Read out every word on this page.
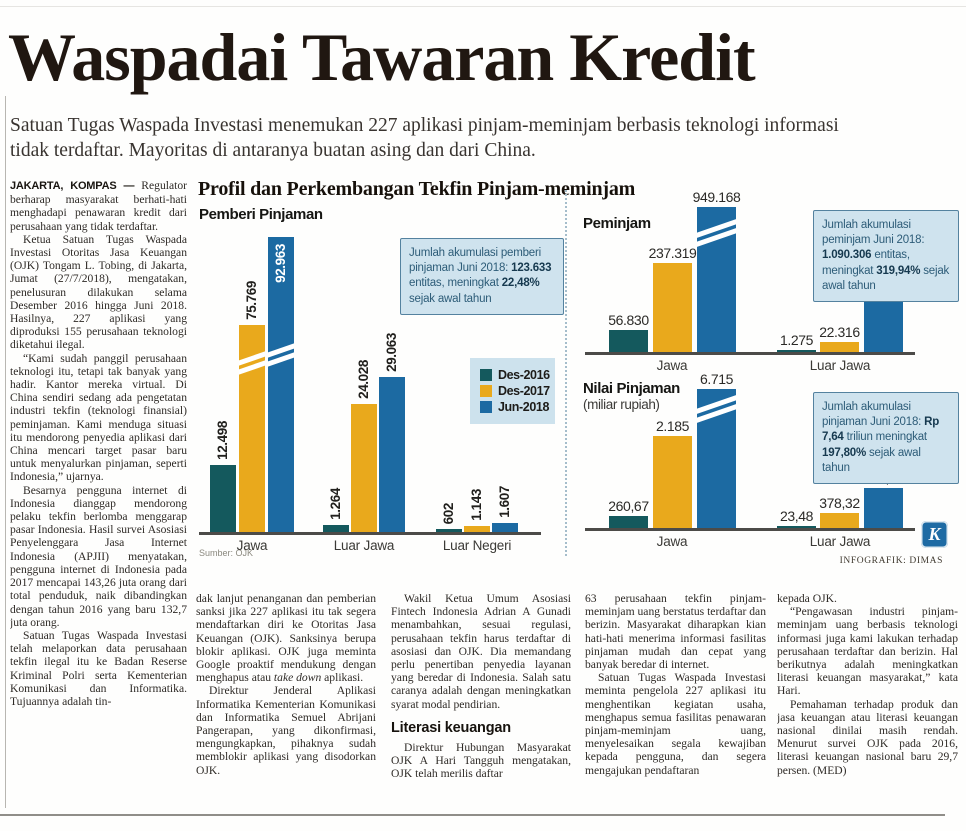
Waspadai Tawaran Kredit

Satuan Tugas Waspada Investasi menemukan 227 aplikasi pinjam-meminjam berbasis teknologi informasi tidak terdaftar. Mayoritas di antaranya buatan asing dan dari China.

JAKARTA, KOMPAS — Regulator berharap masyarakat berhati-hati menghadapi penawaran kredit dari perusahaan yang tidak terdaftar.

Ketua Satuan Tugas Waspada Investasi Otoritas Jasa Keuangan (OJK) Tongam L. Tobing, di Jakarta, Jumat (27/7/2018), mengatakan, penelusuran dilakukan selama Desember 2016 hingga Juni 2018. Hasilnya, 227 aplikasi yang diproduksi 155 perusahaan teknologi diketahui ilegal.

“Kami sudah panggil perusahaan teknologi itu, tetapi tak banyak yang hadir. Kantor mereka virtual. Di China sendiri sedang ada pengetatan industri tekfin (teknologi finansial) peminjaman. Kami menduga situasi itu mendorong penyedia aplikasi dari China mencari target pasar baru untuk menyalurkan pinjaman, seperti Indonesia,” ujarnya.

Besarnya pengguna internet di Indonesia dianggap mendorong pelaku tekfin berlomba menggarap pasar Indonesia. Hasil survei Asosiasi Penyelenggara Jasa Internet Indonesia (APJII) menyatakan, pengguna internet di Indonesia pada 2017 mencapai 143,26 juta orang dari total penduduk, naik dibandingkan dengan tahun 2016 yang baru 132,7 juta orang.

Satuan Tugas Waspada Investasi telah melaporkan data perusahaan tekfin ilegal itu ke Badan Reserse Kriminal Polri serta Kementerian Komunikasi dan Informatika. Tujuannya adalah tin-

dak lanjut penanganan dan pemberian sanksi jika 227 aplikasi itu tak segera mendaftarkan diri ke Otoritas Jasa Keuangan (OJK). Sanksinya berupa blokir aplikasi. OJK juga meminta Google proaktif mendukung dengan menghapus atau take down aplikasi.

Direktur Jenderal Aplikasi Informatika Kementerian Komunikasi dan Informatika Semuel Abrijani Pangerapan, yang dikonfirmasi, mengungkapkan, pihaknya sudah memblokir aplikasi yang disodorkan OJK.

Wakil Ketua Umum Asosiasi Fintech Indonesia Adrian A Gunadi menambahkan, sesuai regulasi, perusahaan tekfin harus terdaftar di asosiasi dan OJK. Dia memandang perlu penertiban penyedia layanan yang beredar di Indonesia. Salah satu caranya adalah dengan meningkatkan syarat modal pendirian.

Literasi keuangan

Direktur Hubungan Masyarakat OJK A Hari Tangguh mengatakan, OJK telah merilis daftar

63 perusahaan tekfin pinjam-meminjam uang berstatus terdaftar dan berizin. Masyarakat diharapkan kian hati-hati menerima informasi fasilitas pinjaman mudah dan cepat yang banyak beredar di internet.

Satuan Tugas Waspada Investasi meminta pengelola 227 aplikasi itu menghentikan kegiatan usaha, menghapus semua fasilitas penawaran pinjam-meminjam uang, menyelesaikan segala kewajiban kepada pengguna, dan segera mengajukan pendaftaran

kepada OJK.

“Pengawasan industri pinjam-meminjam uang berbasis teknologi informasi juga kami lakukan terhadap perusahaan terdaftar dan berizin. Hal berikutnya adalah meningkatkan literasi keuangan masyarakat,” kata Hari.

Pemahaman terhadap produk dan jasa keuangan atau literasi keuangan nasional dinilai masih rendah. Menurut survei OJK pada 2016, literasi keuangan nasional baru 29,7 persen. (MED)

Profil dan Perkembangan Tekfin Pinjam-meminjam
Des-2016
Des-2017
Jun-2018
Sumber: OJK
INFOGRAFIK: DIMAS
K
Pemberi Pinjaman
12.498
1.264	602
75.769
24.028
1.143
92.963
29.063
1.607
Jawa	Luar Jawa	Luar Negeri
Jumlah akumulasi pemberi pinjaman Juni 2018: 123.633 entitas, meningkat 22,48% sejak awal tahun
Peminjam
56.830
1.275
237.319
22.316
949.168
Jawa	Luar Jawa
Jumlah akumulasi peminjam Juni 2018: 1.090.306 entitas, meningkat 319,94% sejak awal tahun
Nilai Pinjaman
(miliar rupiah)
260,67
23,48
2.185
378,32
6.715
Jawa	Luar Jawa
Jumlah akumulasi pinjaman Juni 2018: Rp 7,64 triliun meningkat 197,80% sejak awal tahun
